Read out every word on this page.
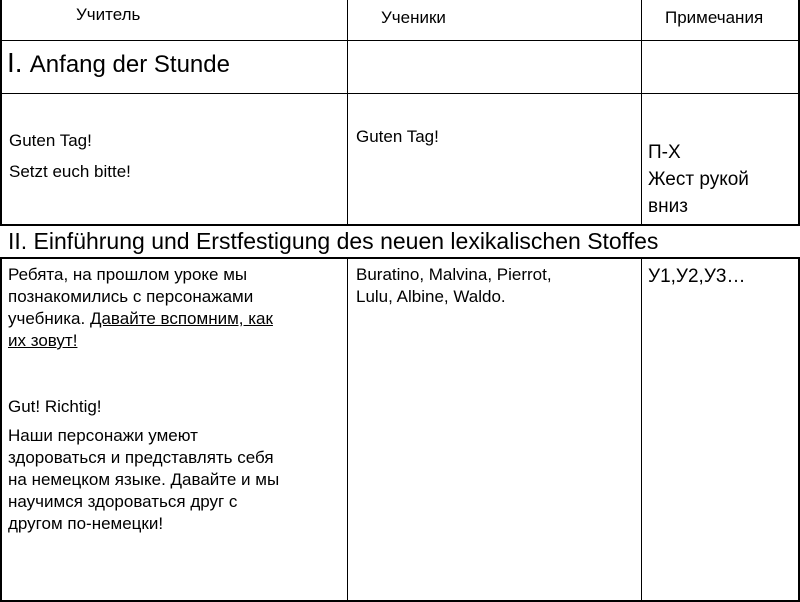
Учитель	Ученики	Примечания
I. Anfang der Stunde

Guten Tag!

Setzt euch bitte!

Guten Tag!

П-Х

Жест рукой

вниз

II. Einführung und Erstfestigung des neuen lexikalischen Stoffes

Ребята, на прошлом уроке мы

познакомились с персонажами

учебника. Давайте вспомним, как

их зовут!

Gut! Richtig!

Наши персонажи умеют

здороваться и представлять себя

на немецком языке. Давайте и мы

научимся здороваться друг с

другом по-немецки!

Buratino, Malvina, Pierrot,

Lulu, Albine, Waldo.

У1,У2,У3…
